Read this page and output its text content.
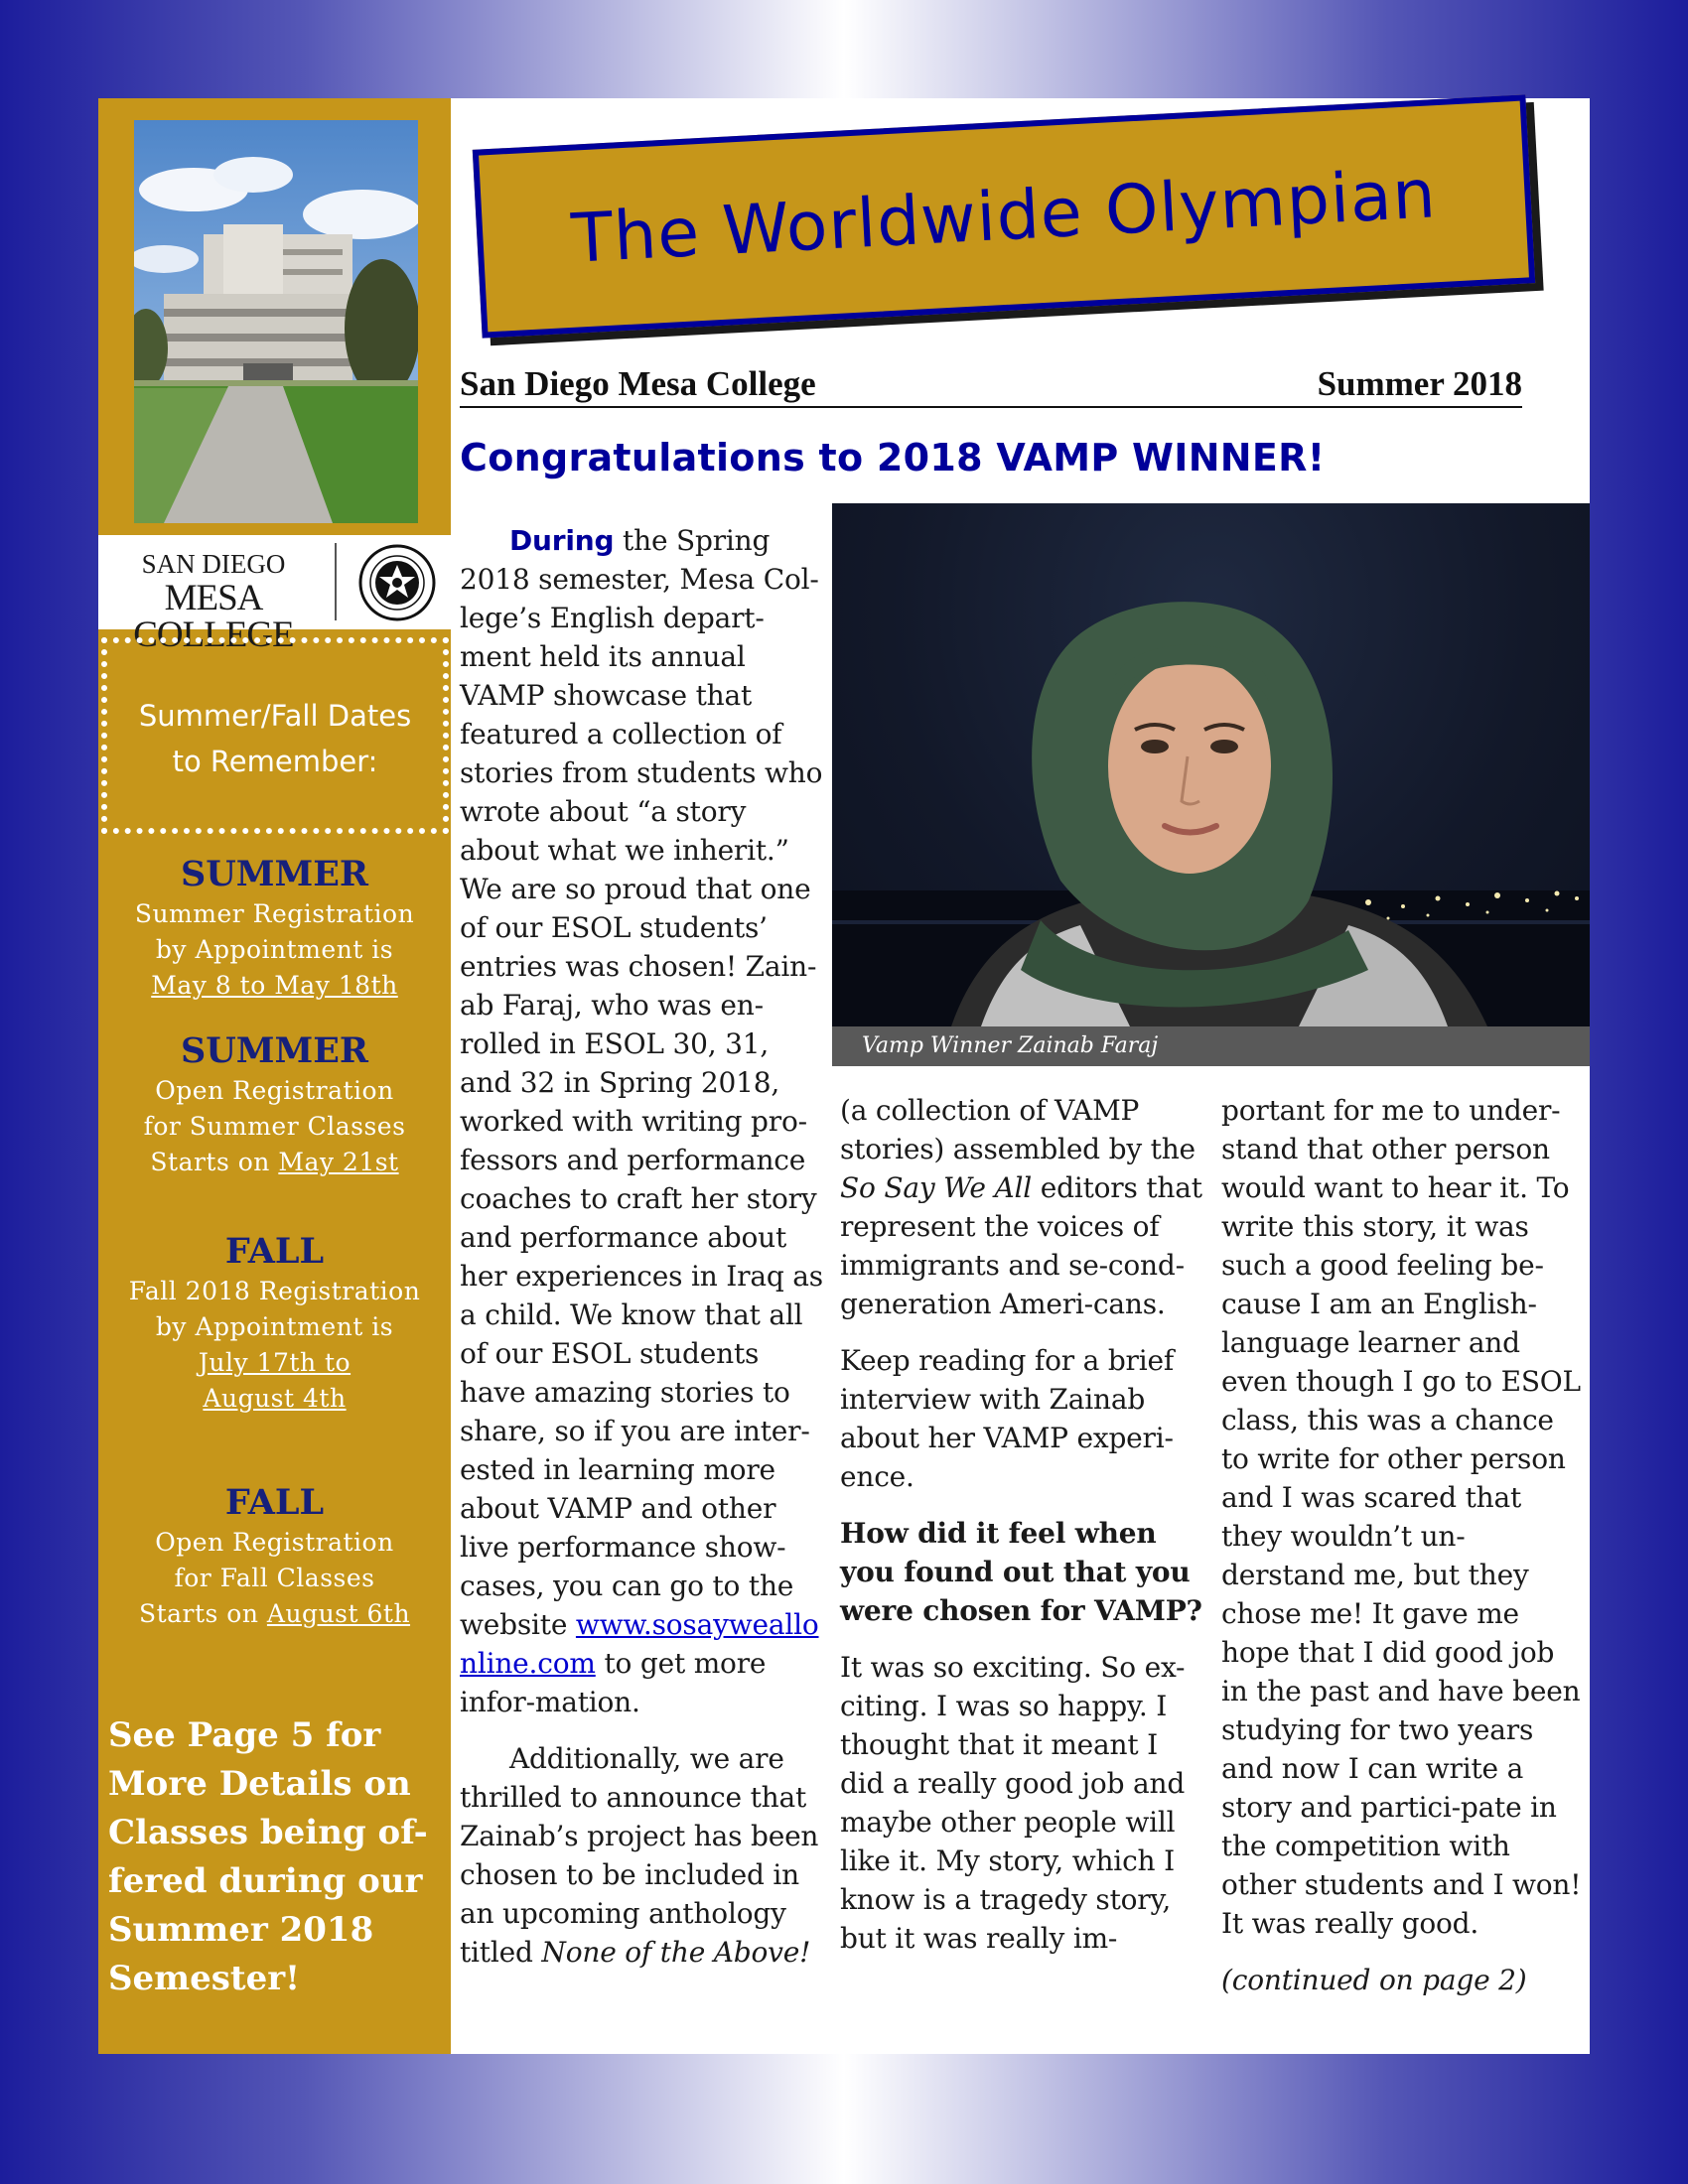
SAN DIEGO
MESA COLLEGE
Summer/Fall Dates
to Remember:
SUMMER
Summer Registration
by Appointment is
May 8 to May 18th
SUMMER
Open Registration
for Summer Classes
Starts on May 21st
FALL
Fall 2018 Registration
by Appointment is
July 17th to
August 4th
FALL
Open Registration
for Fall Classes
Starts on August 6th
See Page 5 for More Details on Classes being of-fered during our Summer 2018 Semester!
The Worldwide Olympian
San Diego Mesa College	Summer 2018
Congratulations to 2018 VAMP WINNER!
Vamp Winner Zainab Faraj

During the Spring 2018 semester, Mesa Col-lege’s English depart-ment held its annual VAMP showcase that featured a collection of stories from students who wrote about “a story about what we inherit.” We are so proud that one of our ESOL students’ entries was chosen! Zain-ab Faraj, who was en-rolled in ESOL 30, 31, and 32 in Spring 2018, worked with writing pro-fessors and performance coaches to craft her story and performance about her experiences in Iraq as a child. We know that all of our ESOL students have amazing stories to share, so if you are inter-ested in learning more about VAMP and other live performance show-cases, you can go to the website www.sosayweallonline.com to get more infor-mation.

Additionally, we are thrilled to announce that Zainab’s project has been chosen to be included in an upcoming anthology titled None of the Above!

(a collection of VAMP stories) assembled by the So Say We All editors that represent the voices of immigrants and se-cond-generation Ameri-cans.

Keep reading for a brief interview with Zainab about her VAMP experi-ence.

How did it feel when you found out that you were chosen for VAMP?

It was so exciting. So ex-citing. I was so happy. I thought that it meant I did a really good job and maybe other people will like it. My story, which I know is a tragedy story, but it was really im-

portant for me to under-stand that other person would want to hear it. To write this story, it was such a good feeling be-cause I am an English-language learner and even though I go to ESOL class, this was a chance to write for other person and I was scared that they wouldn’t un-derstand me, but they chose me! It gave me hope that I did good job in the past and have been studying for two years and now I can write a story and partici-pate in the competition with other students and I won! It was really good.

(continued on page 2)
